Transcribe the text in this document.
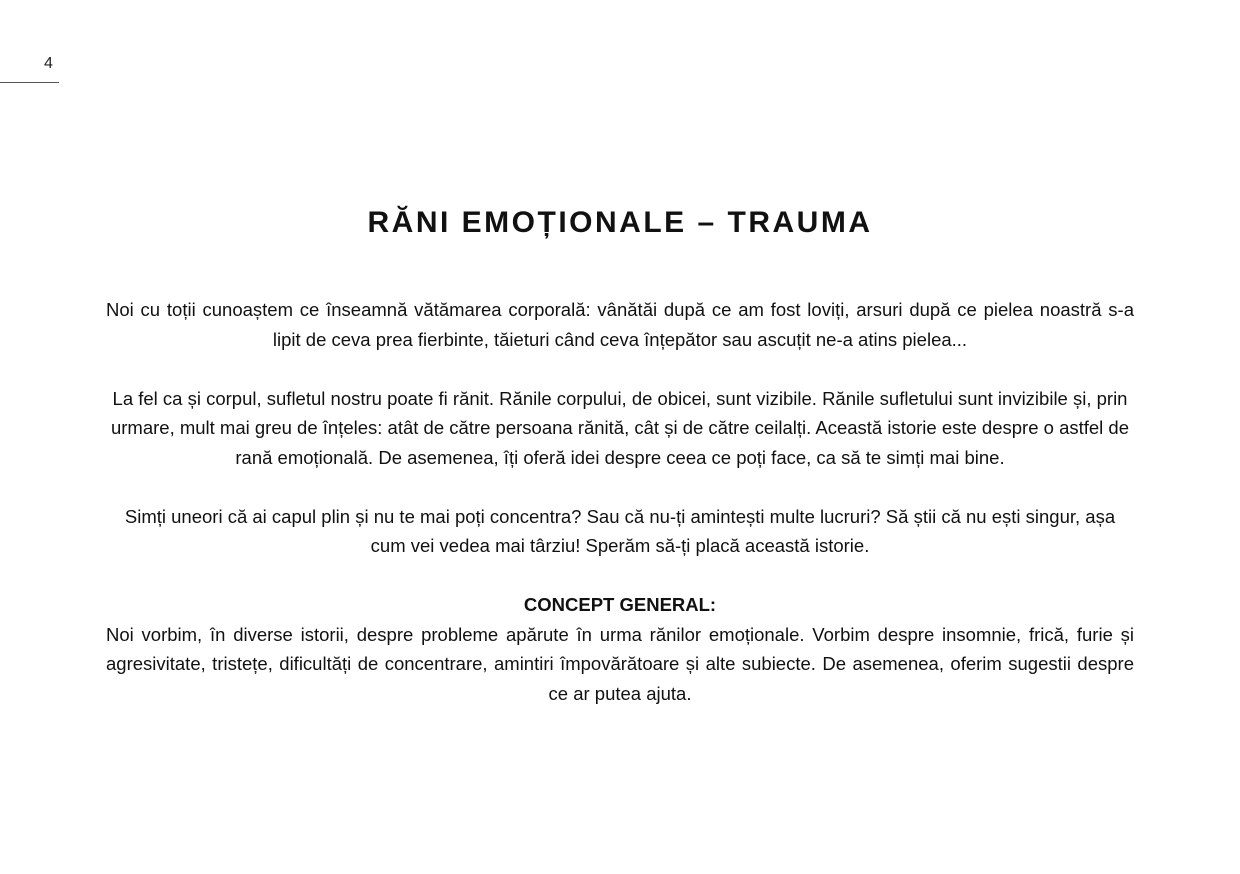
4
RĂNI EMOȚIONALE – TRAUMA

Noi cu toții cunoaștem ce înseamnă vătămarea corporală: vânătăi după ce am fost loviți, arsuri după ce pielea noastră s-a lipit de ceva prea fierbinte, tăieturi când ceva înțepător sau ascuțit ne-a atins pielea...

La fel ca și corpul, sufletul nostru poate fi rănit. Rănile corpului, de obicei, sunt vizibile. Rănile sufletului sunt invizibile și, prin urmare, mult mai greu de înțeles: atât de către persoana rănită, cât și de către ceilalți. Această istorie este despre o astfel de rană emoțională. De asemenea, îți oferă idei despre ceea ce poți face, ca să te simți mai bine.

Simți uneori că ai capul plin și nu te mai poți concentra? Sau că nu-ți amintești multe lucruri? Să știi că nu ești singur, așa cum vei vedea mai târziu! Sperăm să-ți placă această istorie.

CONCEPT GENERAL:
Noi vorbim, în diverse istorii, despre probleme apărute în urma rănilor emoționale. Vorbim despre insomnie, frică, furie și agresivitate, tristețe, dificultăți de concentrare, amintiri împovărătoare și alte subiecte. De asemenea, oferim sugestii despre ce ar putea ajuta.
